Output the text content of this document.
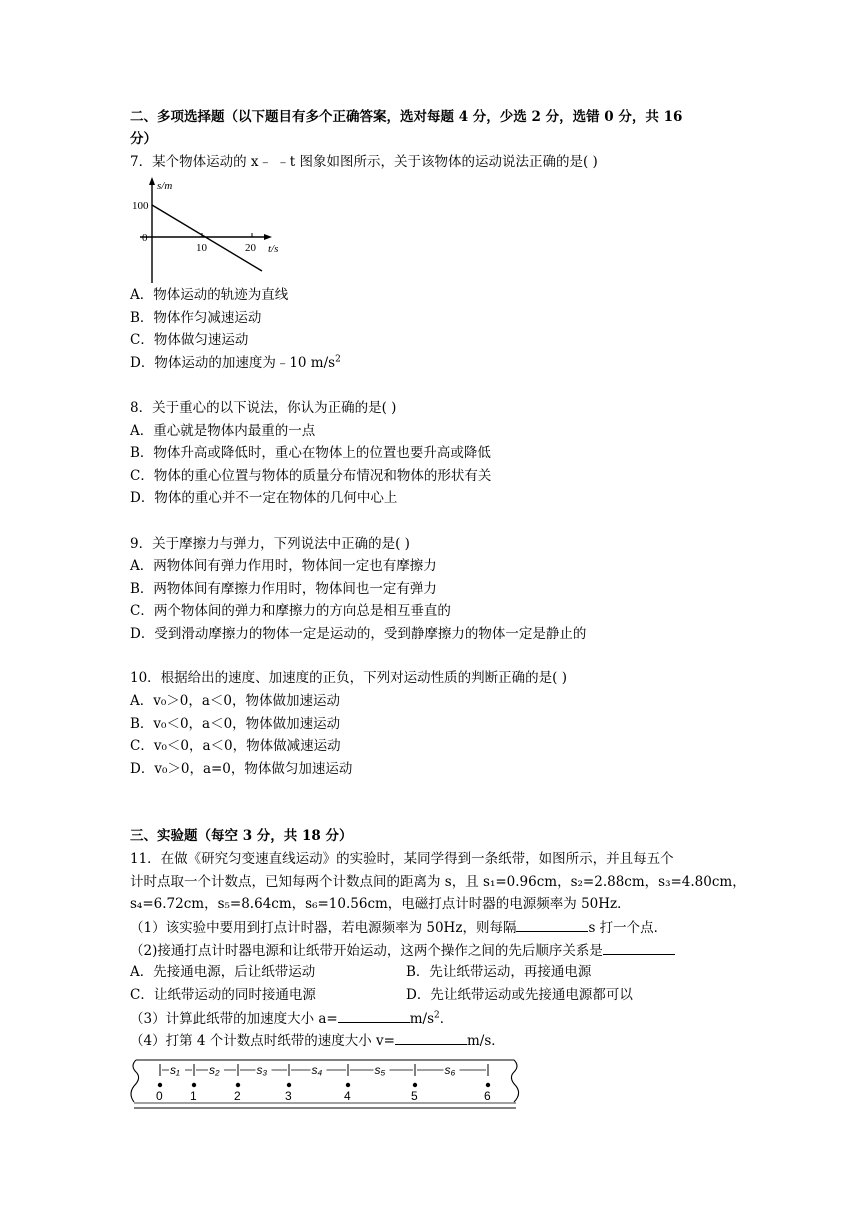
二、多项选择题（以下题目有多个正确答案，选对每题 4 分，少选 2 分，选错 0 分，共 16
分）
7．某个物体运动的 x﹣ ﹣t 图象如图所示，关于该物体的运动说法正确的是( )
s/m
100
0
10	20 t/s
A．物体运动的轨迹为直线
B．物体作匀减速运动
C．物体做匀速运动
D．物体运动的加速度为﹣10 $m/s^2$
8．关于重心的以下说法，你认为正确的是( )
A．重心就是物体内最重的一点
B．物体升高或降低时，重心在物体上的位置也要升高或降低
C．物体的重心位置与物体的质量分布情况和物体的形状有关
D．物体的重心并不一定在物体的几何中心上
9．关于摩擦力与弹力，下列说法中正确的是( )
A．两物体间有弹力作用时，物体间一定也有摩擦力
B．两物体间有摩擦力作用时，物体间也一定有弹力
C．两个物体间的弹力和摩擦力的方向总是相互垂直的
D．受到滑动摩擦力的物体一定是运动的，受到静摩擦力的物体一定是静止的
10．根据给出的速度、加速度的正负，下列对运动性质的判断正确的是( )
A．v₀＞0，a＜0，物体做加速运动
B．v₀＜0，a＜0，物体做加速运动
C．v₀＜0，a＜0，物体做减速运动
D．v₀＞0，a=0，物体做匀加速运动
三、实验题（每空 3 分，共 18 分）
11．在做《研究匀变速直线运动》的实验时，某同学得到一条纸带，如图所示，并且每五个
计时点取一个计数点，已知每两个计数点间的距离为 s，且 s₁=0.96cm，s₂=2.88cm，s₃=4.80cm，
s₄=6.72cm，s₅=8.64cm，s₆=10.56cm，电磁打点计时器的电源频率为 50Hz．
（1）该实验中要用到打点计时器，若电源频率为 50Hz，则每隔	s 打一个点．
（2)接通打点计时器电源和让纸带开始运动，这两个操作之间的先后顺序关系是
A．先接通电源，后让纸带运动	B．先让纸带运动，再接通电源
C．让纸带运动的同时接通电源	D．先让纸带运动或先接通电源都可以
（3）计算此纸带的加速度大小 a=	$m/s^2$．
（4）打第 4 个计数点时纸带的速度大小 v=	m/s．
0 1	2	3	4	5	6
s₁ s₂	s₃	s₄	s₅	s₆
